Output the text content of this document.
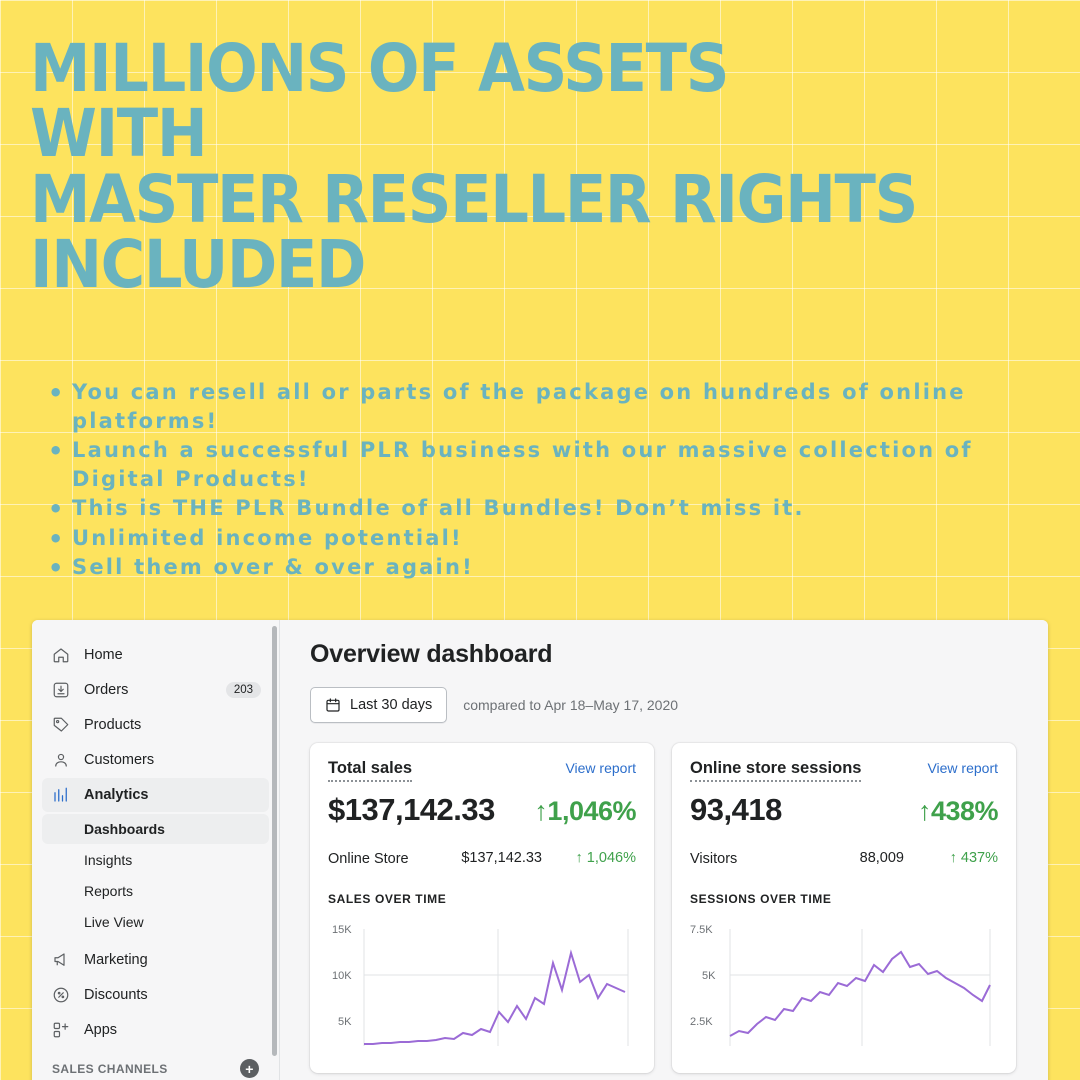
MILLIONS OF ASSETS
WITH
MASTER RESELLER RIGHTS
INCLUDED
• You can resell all or parts of the package on hundreds of online platforms!
• Launch a successful PLR business with our massive collection of Digital Products!
• This is THE PLR Bundle of all Bundles! Don’t miss it.
• Unlimited income potential!
• Sell them over & over again!
Home
Orders	203
Products
Customers
Analytics
Dashboards
Insights
Reports
Live View
Marketing
Discounts
Apps
SALES CHANNELS	+
Overview dashboard
Last 30 days compared to Apr 18–May 17, 2020
Total sales	View report
$137,142.33 ↑1,046%
Online Store	$137,142.33	↑ 1,046%
SALES OVER TIME
15K
10K
5K
Online store sessions	View report
93,418	↑438%
Visitors	88,009	↑ 437%
SESSIONS OVER TIME
7.5K
5K
2.5K
